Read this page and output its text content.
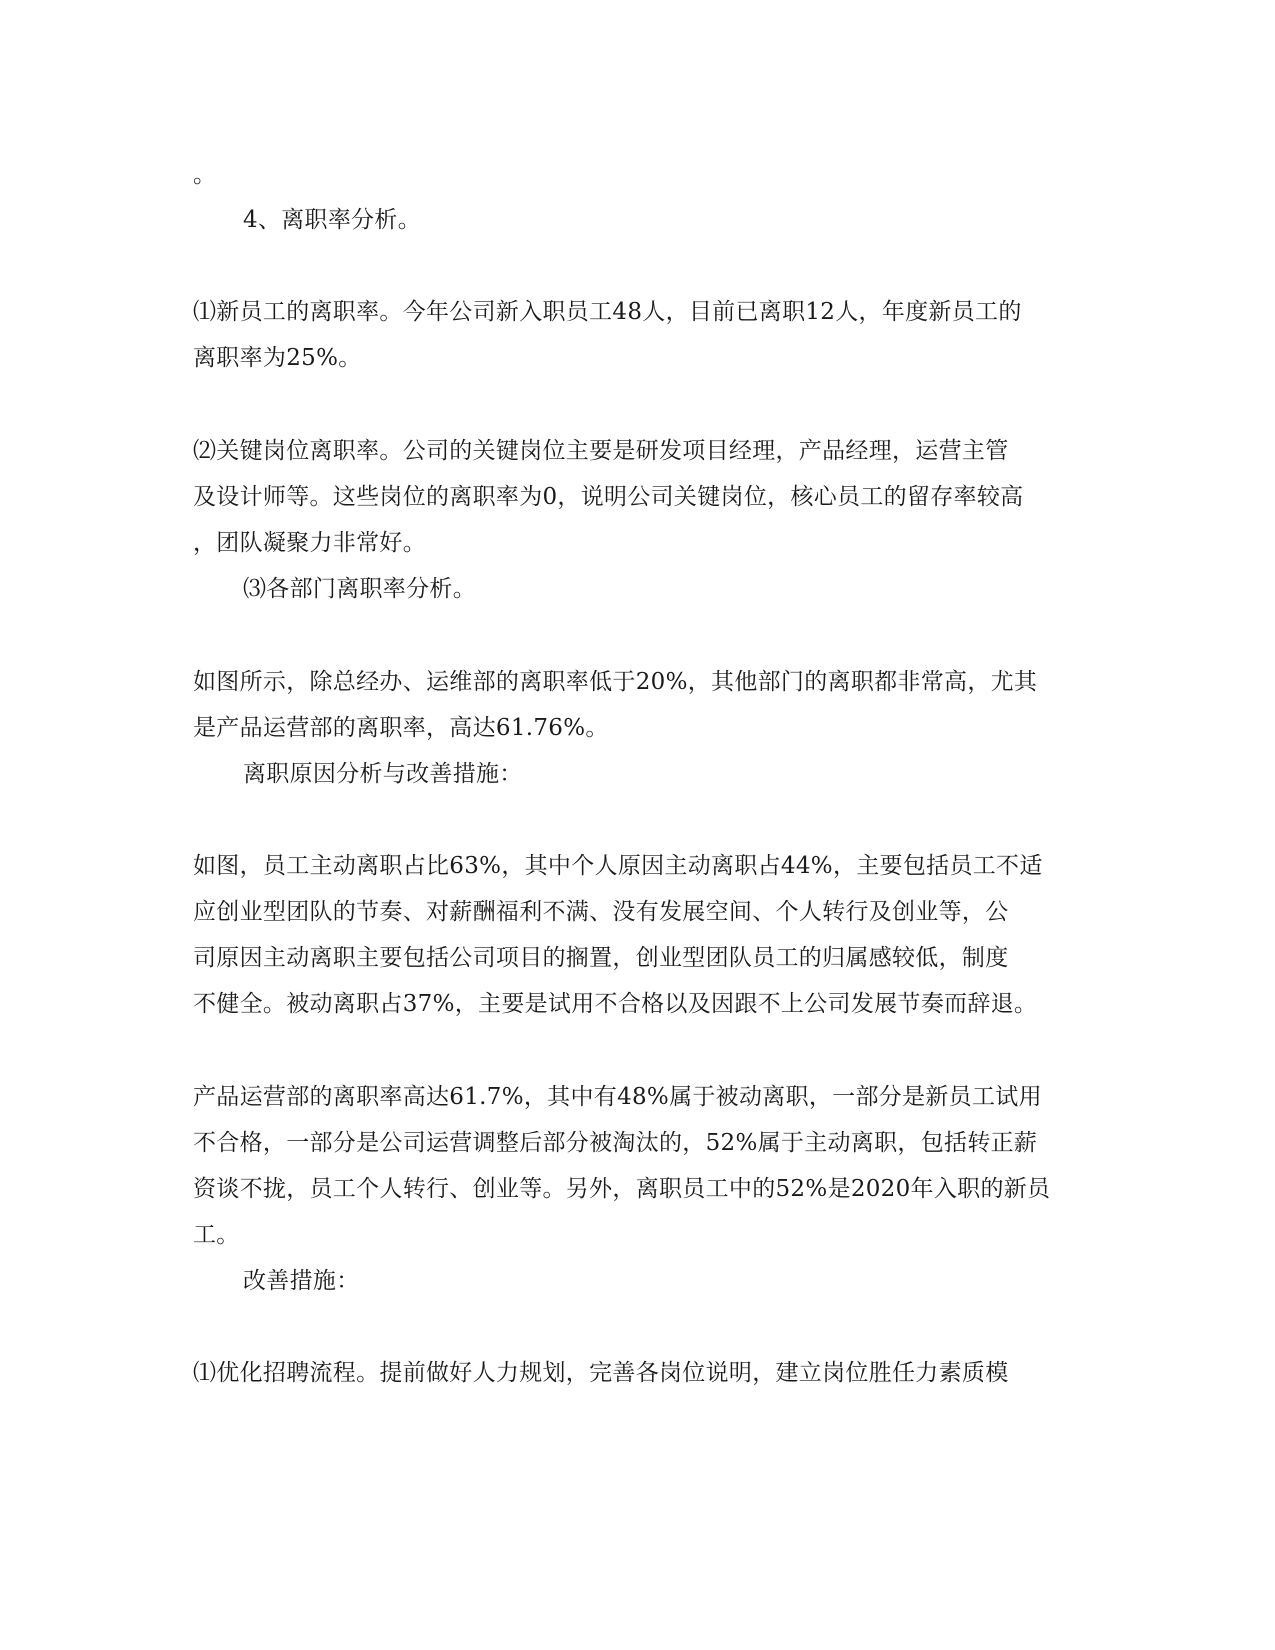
。
4、离职率分析。
⑴新员工的离职率。今年公司新入职员工48人，目前已离职12人，年度新员工的
离职率为25%。
⑵关键岗位离职率。公司的关键岗位主要是研发项目经理，产品经理，运营主管
及设计师等。这些岗位的离职率为0，说明公司关键岗位，核心员工的留存率较高
，团队凝聚力非常好。
⑶各部门离职率分析。
如图所示，除总经办、运维部的离职率低于20%，其他部门的离职都非常高，尤其
是产品运营部的离职率，高达61.76%。
离职原因分析与改善措施：
如图，员工主动离职占比63%，其中个人原因主动离职占44%，主要包括员工不适
应创业型团队的节奏、对薪酬福利不满、没有发展空间、个人转行及创业等，公
司原因主动离职主要包括公司项目的搁置，创业型团队员工的归属感较低，制度
不健全。被动离职占37%，主要是试用不合格以及因跟不上公司发展节奏而辞退。
产品运营部的离职率高达61.7%，其中有48%属于被动离职，一部分是新员工试用
不合格，一部分是公司运营调整后部分被淘汰的，52%属于主动离职，包括转正薪
资谈不拢，员工个人转行、创业等。另外，离职员工中的52%是2020年入职的新员
工。
改善措施：
⑴优化招聘流程。提前做好人力规划，完善各岗位说明，建立岗位胜任力素质模
